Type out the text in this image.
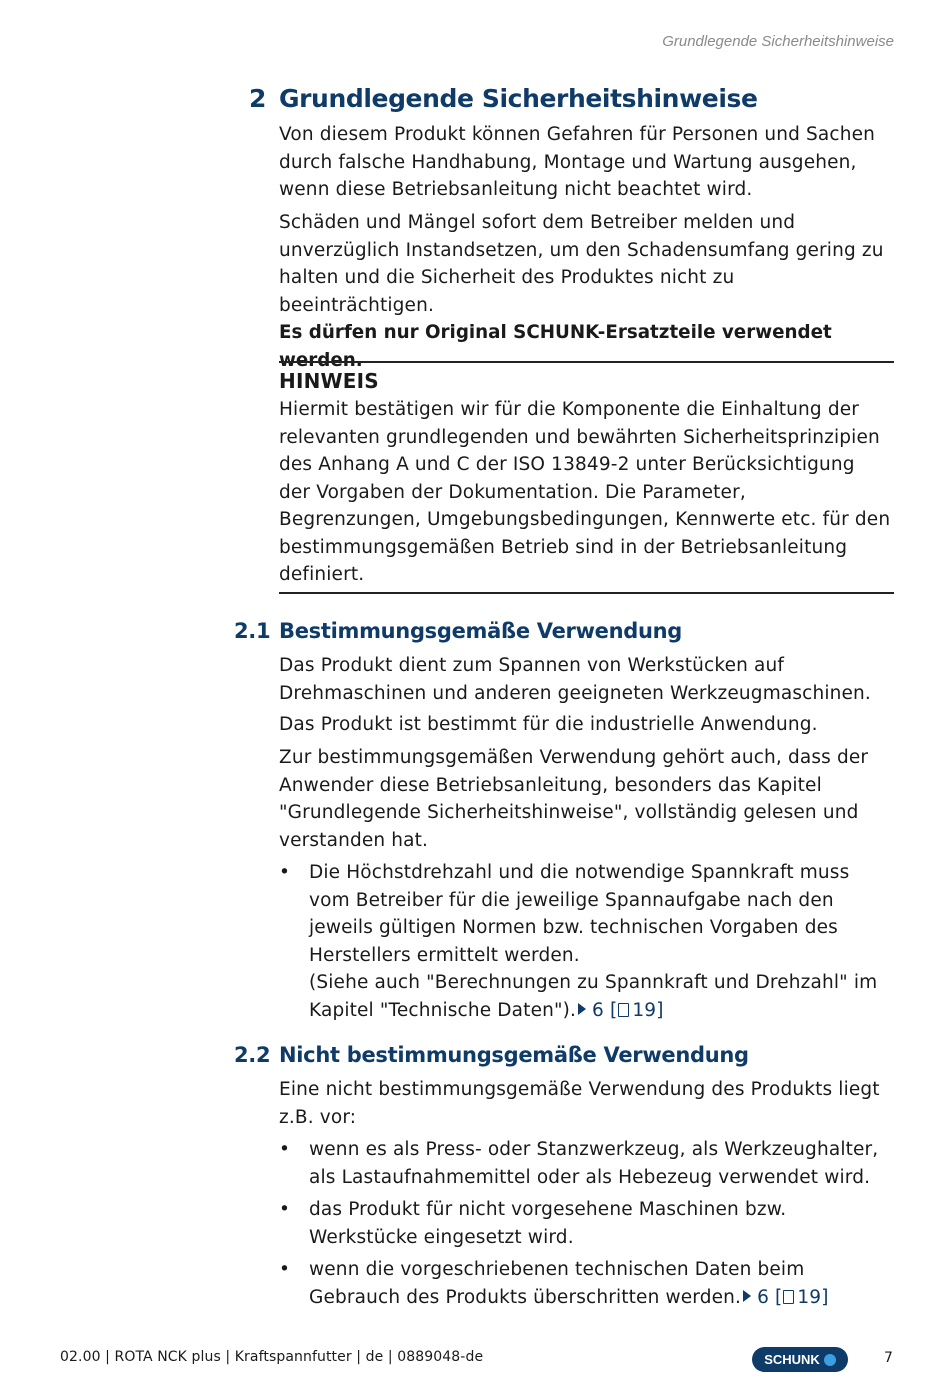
Grundlegende Sicherheitshinweise
2 Grundlegende Sicherheitshinweise
Von diesem Produkt können Gefahren für Personen und Sachen durch falsche Handhabung, Montage und Wartung ausgehen, wenn diese Betriebsanleitung nicht beachtet wird.
Schäden und Mängel sofort dem Betreiber melden und unverzüglich Instandsetzen, um den Schadensumfang gering zu halten und die Sicherheit des Produktes nicht zu beeinträchtigen.
Es dürfen nur Original SCHUNK-Ersatzteile verwendet werden.
HINWEIS
Hiermit bestätigen wir für die Komponente die Einhaltung der relevanten grundlegenden und bewährten Sicherheitsprinzipien des Anhang A und C der ISO 13849-2 unter Berücksichtigung der Vorgaben der Dokumentation. Die Parameter, Begrenzungen, Umgebungsbedingungen, Kennwerte etc. für den bestimmungsgemäßen Betrieb sind in der Betriebsanleitung definiert.
2.1 Bestimmungsgemäße Verwendung
Das Produkt dient zum Spannen von Werkstücken auf Drehmaschinen und anderen geeigneten Werkzeugmaschinen.
Das Produkt ist bestimmt für die industrielle Anwendung.
Zur bestimmungsgemäßen Verwendung gehört auch, dass der Anwender diese Betriebsanleitung, besonders das Kapitel "Grundlegende Sicherheitshinweise", vollständig gelesen und verstanden hat.
•	Die Höchstdrehzahl und die notwendige Spannkraft muss vom Betreiber für die jeweilige Spannaufgabe nach den jeweils gültigen Normen bzw. technischen Vorgaben des Herstellers ermittelt werden.
(Siehe auch "Berechnungen zu Spannkraft und Drehzahl" im Kapitel "Technische Daten"). 6 [ 19]
2.2 Nicht bestimmungsgemäße Verwendung
Eine nicht bestimmungsgemäße Verwendung des Produkts liegt z.B. vor:
•	wenn es als Press- oder Stanzwerkzeug, als Werkzeughalter, als Lastaufnahmemittel oder als Hebezeug verwendet wird.
•	das Produkt für nicht vorgesehene Maschinen bzw. Werkstücke eingesetzt wird.
•	wenn die vorgeschriebenen technischen Daten beim Gebrauch des Produkts überschritten werden. 6 [ 19]
02.00 | ROTA NCK plus | Kraftspannfutter | de | 0889048-de	SCHUNK	7
